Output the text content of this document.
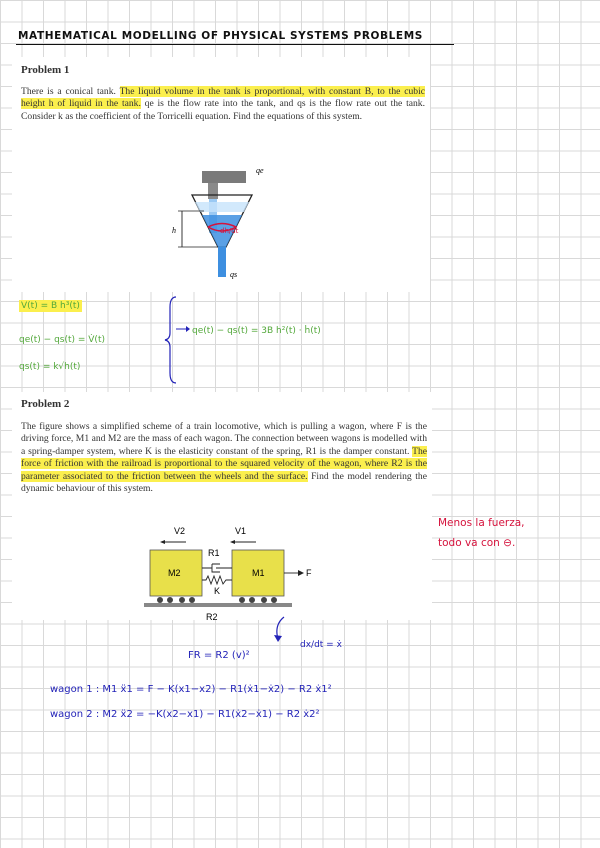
MATHEMATICAL MODELLING OF PHYSICAL SYSTEMS PROBLEMS
Problem 1
There is a conical tank. The liquid volume in the tank is proportional, with constant B, to the cubic height h of liquid in the tank. qe is the flow rate into the tank, and qs is the flow rate out the tank. Consider k as the coefficient of the Torricelli equation. Find the equations of this system.
dh/dt
qe
qs
h
V(t) = B h³(t)
qe(t) − qs(t) = V̇(t)
qs(t) = k√h(t)
qe(t) − qs(t) = 3B h²(t) · ḣ(t)
Problem 2
The figure shows a simplified scheme of a train locomotive, which is pulling a wagon, where F is the driving force, M1 and M2 are the mass of each wagon. The connection between wagons is modelled with a spring-damper system, where K is the elasticity constant of the spring, R1 is the damper constant. The force of friction with the railroad is proportional to the squared velocity of the wagon, where R2 is the parameter associated to the friction between the wheels and the surface. Find the model rendering the dynamic behaviour of this system.
V2	V1
M2	M1
R1
K
F
R2
Menos la fuerza,
todo va con ⊖.
FR = R2 (v)²
dx/dt = ẋ
wagon 1 : M1 ẍ1 = F − K(x1−x2) − R1(ẋ1−ẋ2) − R2 ẋ1²
wagon 2 : M2 ẍ2 = −K(x2−x1) − R1(ẋ2−ẋ1) − R2 ẋ2²
